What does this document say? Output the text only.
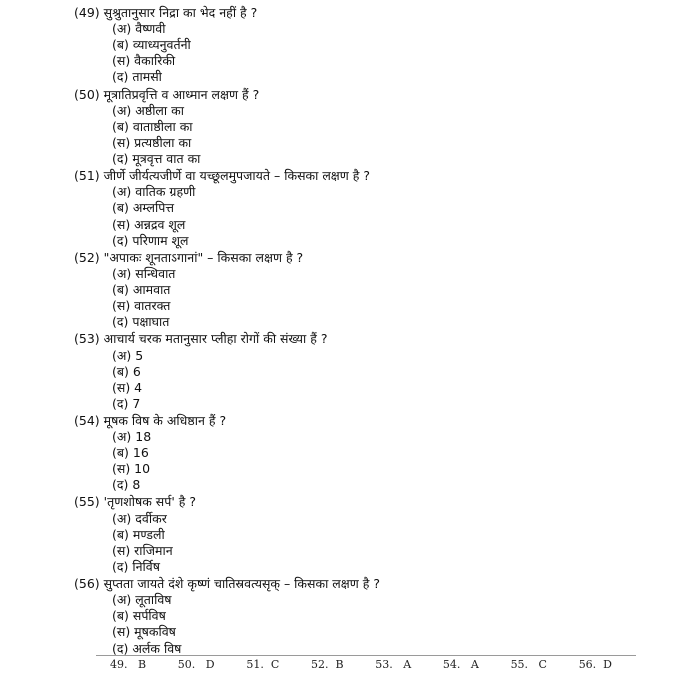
(49) सुश्रुतानुसार निद्रा का भेद नहीं है ?
(अ) वैष्णवी
(ब) व्याध्यनुवर्तनी
(स) वैकारिकी
(द) तामसी
(50) मूत्रातिप्रवृत्ति व आध्मान लक्षण हैं ?
(अ) अष्ठीला का
(ब) वाताष्ठीला का
(स) प्रत्यष्ठीला का
(द) मूत्रवृत्त वात का
(51) जीर्णे जीर्यत्यजीर्णे वा यच्छूलमुपजायते – किसका लक्षण है ?
(अ) वातिक ग्रहणी
(ब) अम्लपित्त
(स) अन्नद्रव शूल
(द) परिणाम शूल
(52) "अपाकः शूनताऽगानां" – किसका लक्षण है ?
(अ) सन्धिवात
(ब) आमवात
(स) वातरक्त
(द) पक्षाघात
(53) आचार्य चरक मतानुसार प्लीहा रोगों की संख्या हैं ?
(अ) 5
(ब) 6
(स) 4
(द) 7
(54) मूषक विष के अधिष्ठान हैं ?
(अ) 18
(ब) 16
(स) 10
(द) 8
(55) 'तृणशोषक सर्प' है ?
(अ) दर्वीकर
(ब) मण्डली
(स) राजिमान
(द) निर्विष
(56) सुप्तता जायते दंशे कृष्णं चातिस्रवत्यसृक् – किसका लक्षण है ?
(अ) लूताविष
(ब) सर्पविष
(स) मूषकविष
(द) अर्लक विष
49.   B	50.   D	51.  C	52.  B	53.   A	54.   A	55.   C	56.  D
